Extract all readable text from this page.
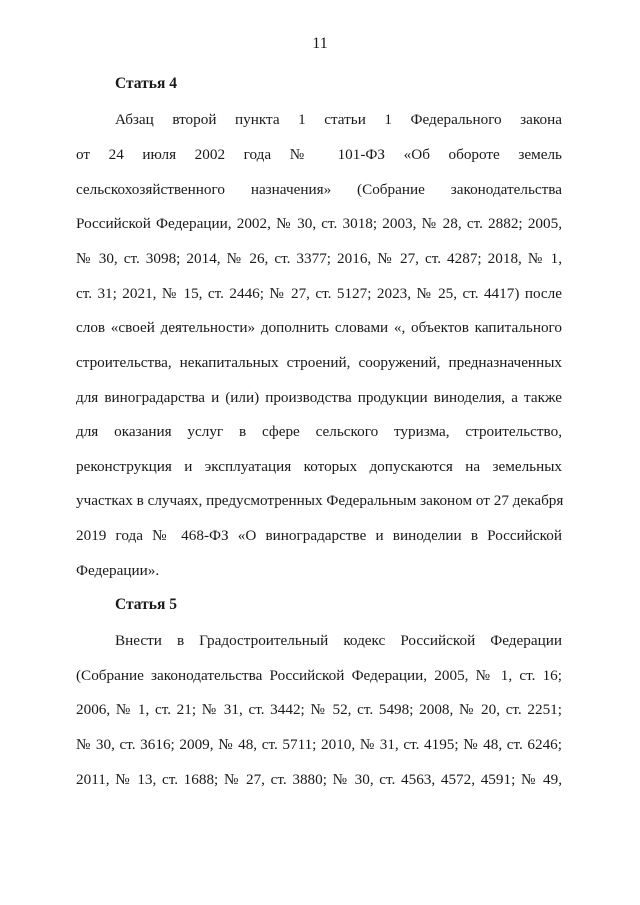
11
Статья 4
Абзац второй пункта 1 статьи 1 Федерального закона
от 24 июля 2002 года № 101-ФЗ «Об обороте земель
сельскохозяйственного назначения» (Собрание законодательства
Российской Федерации, 2002, № 30, ст. 3018; 2003, № 28, ст. 2882; 2005,
№ 30, ст. 3098; 2014, № 26, ст. 3377; 2016, № 27, ст. 4287; 2018, № 1,
ст. 31; 2021, № 15, ст. 2446; № 27, ст. 5127; 2023, № 25, ст. 4417) после
слов «своей деятельности» дополнить словами «, объектов капитального
строительства, некапитальных строений, сооружений, предназначенных
для виноградарства и (или) производства продукции виноделия, а также
для оказания услуг в сфере сельского туризма, строительство,
реконструкция и эксплуатация которых допускаются на земельных
участках в случаях, предусмотренных Федеральным законом от 27 декабря
2019 года № 468-ФЗ «О виноградарстве и виноделии в Российской
Федерации».
Статья 5
Внести в Градостроительный кодекс Российской Федерации
(Собрание законодательства Российской Федерации, 2005, № 1, ст. 16;
2006, № 1, ст. 21; № 31, ст. 3442; № 52, ст. 5498; 2008, № 20, ст. 2251;
№ 30, ст. 3616; 2009, № 48, ст. 5711; 2010, № 31, ст. 4195; № 48, ст. 6246;
2011, № 13, ст. 1688; № 27, ст. 3880; № 30, ст. 4563, 4572, 4591; № 49,
